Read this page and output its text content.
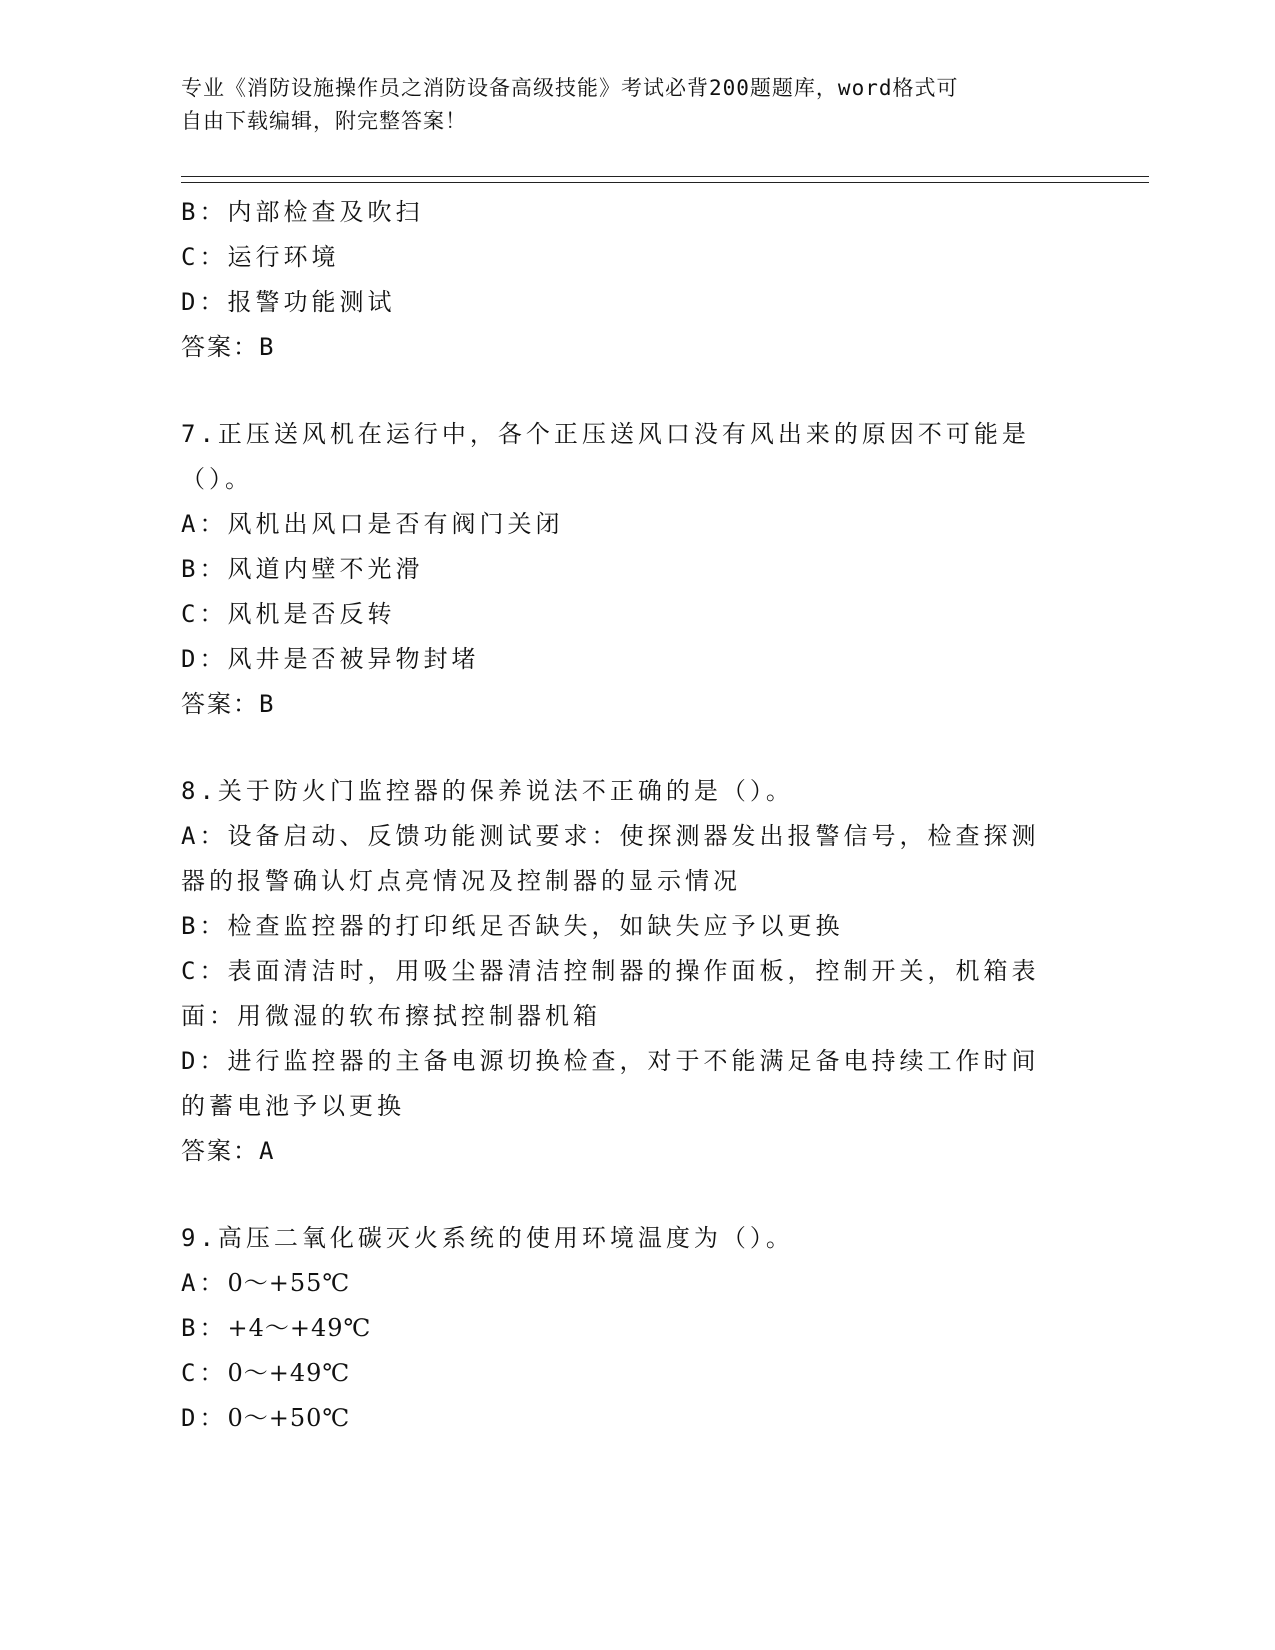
专业《消防设施操作员之消防设备高级技能》考试必背200题题库，word格式可
自由下载编辑，附完整答案！
B：内部检查及吹扫
C：运行环境
D：报警功能测试
答案：B
7.正压送风机在运行中，各个正压送风口没有风出来的原因不可能是
（）。
A：风机出风口是否有阀门关闭
B：风道内壁不光滑
C：风机是否反转
D：风井是否被异物封堵
答案：B
8.关于防火门监控器的保养说法不正确的是（）。
A：设备启动、反馈功能测试要求：使探测器发出报警信号，检查探测
器的报警确认灯点亮情况及控制器的显示情况
B：检查监控器的打印纸足否缺失，如缺失应予以更换
C：表面清洁时，用吸尘器清洁控制器的操作面板，控制开关，机箱表
面：用微湿的软布擦拭控制器机箱
D：进行监控器的主备电源切换检查，对于不能满足备电持续工作时间
的蓄电池予以更换
答案：A
9.高压二氧化碳灭火系统的使用环境温度为（）。
A：0～+55℃
B：+4～+49℃
C：0～+49℃
D：0～+50℃
